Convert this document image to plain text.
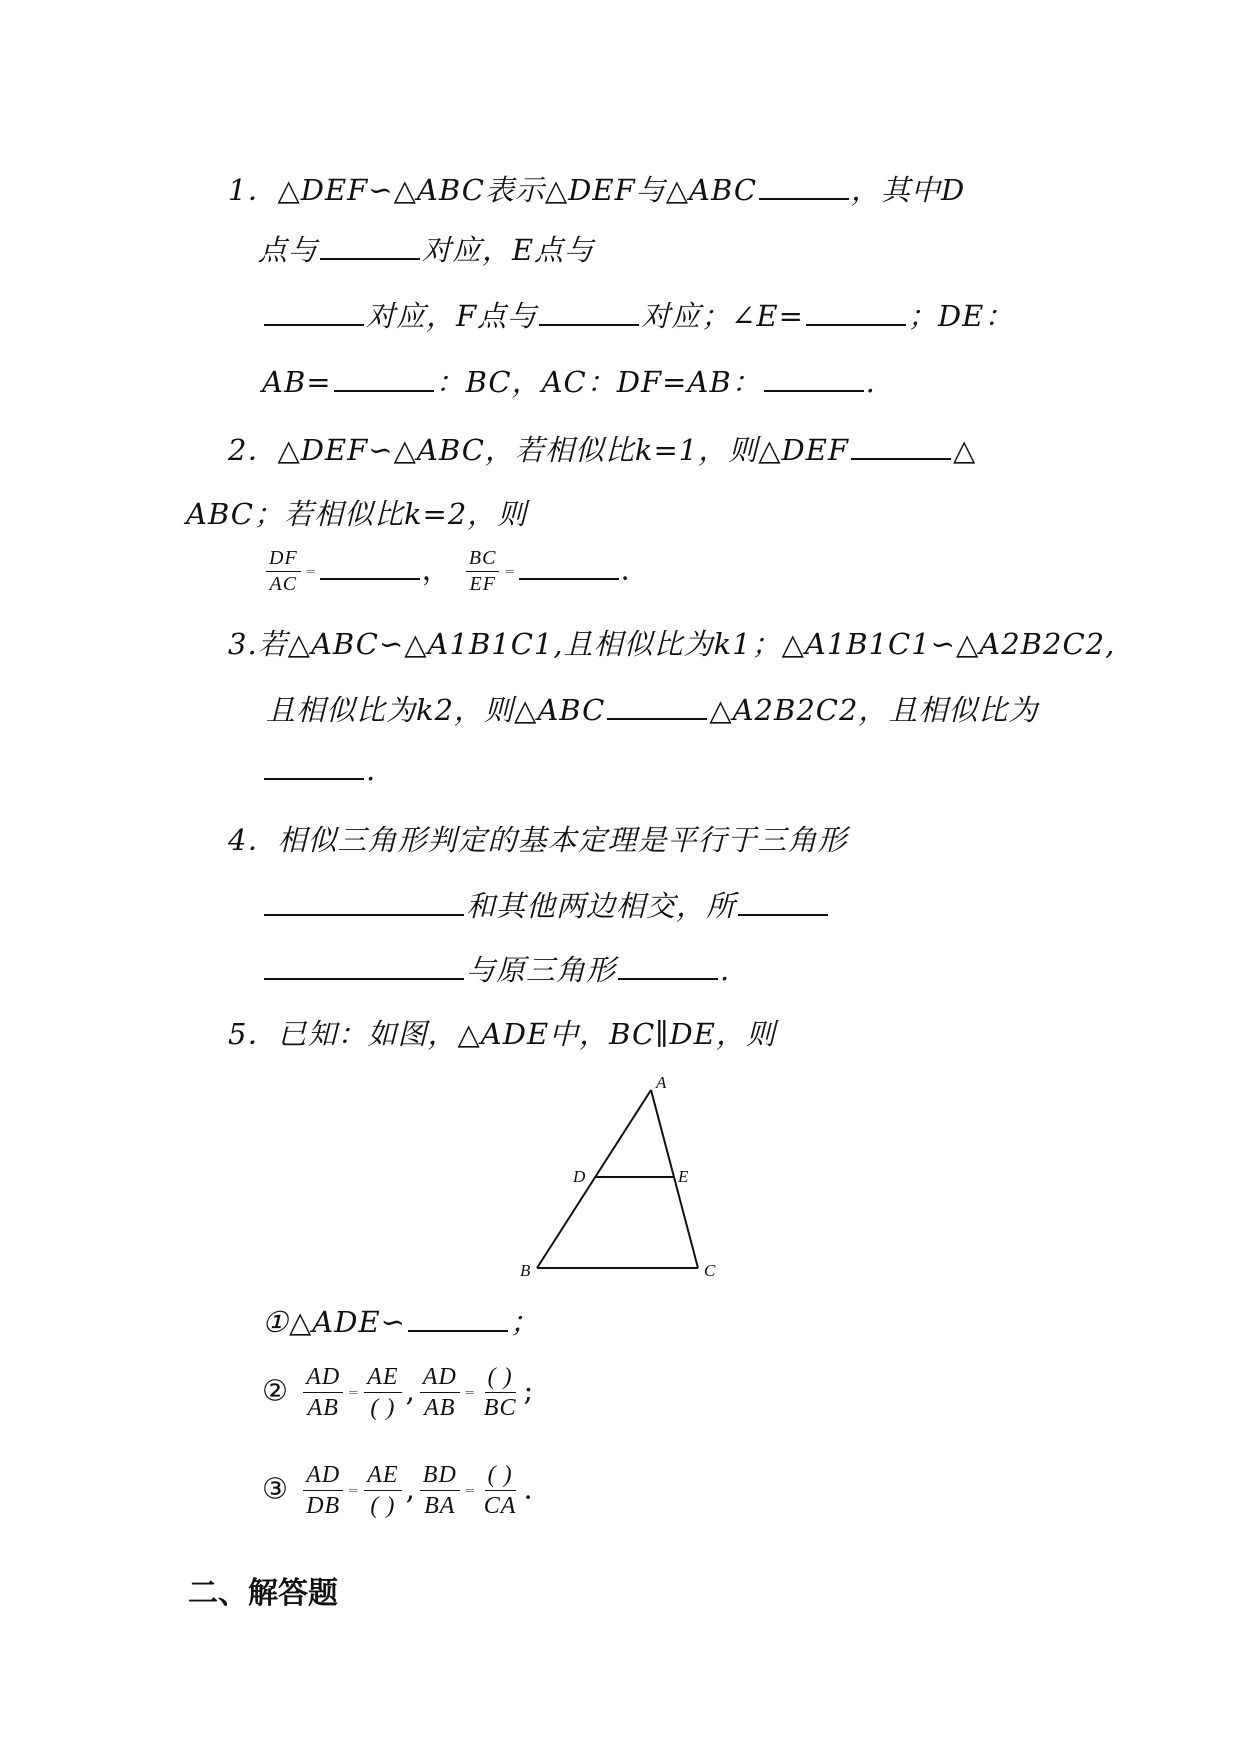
1．△DEF∽△ABC表示△DEF与△ABC	，其中D
点与	对应，E点与
对应，F点与	对应；∠E=	；DE：
AB=	：BC，AC：DF=AB：	.
2．△DEF∽△ABC，若相似比k=1，则△DEF	△
ABC；若相似比k=2，则
$\frac{DF}{AC}$ ＝	， $\frac{BC}{EF}$ ＝	.
3.若△ABC∽△A1B1C1,且相似比为k1；△A1B1C1∽△A2B2C2,
且相似比为k2，则△ABC	△A2B2C2，且相似比为
.
4．相似三角形判定的基本定理是平行于三角形
和其他两边相交，所
与原三角形	.
5．已知：如图，△ADE中，BC∥DE，则
A
D	E
B	C
①△ADE∽	；
② $\frac{AD}{AB} = \frac{AE}{( )}$ , $\frac{AD}{AB} = \frac{( )}{BC}$ ;
③ $\frac{AD}{DB} = \frac{AE}{( )}$ , $\frac{BD}{BA} = \frac{( )}{CA}$ .
二、解答题
